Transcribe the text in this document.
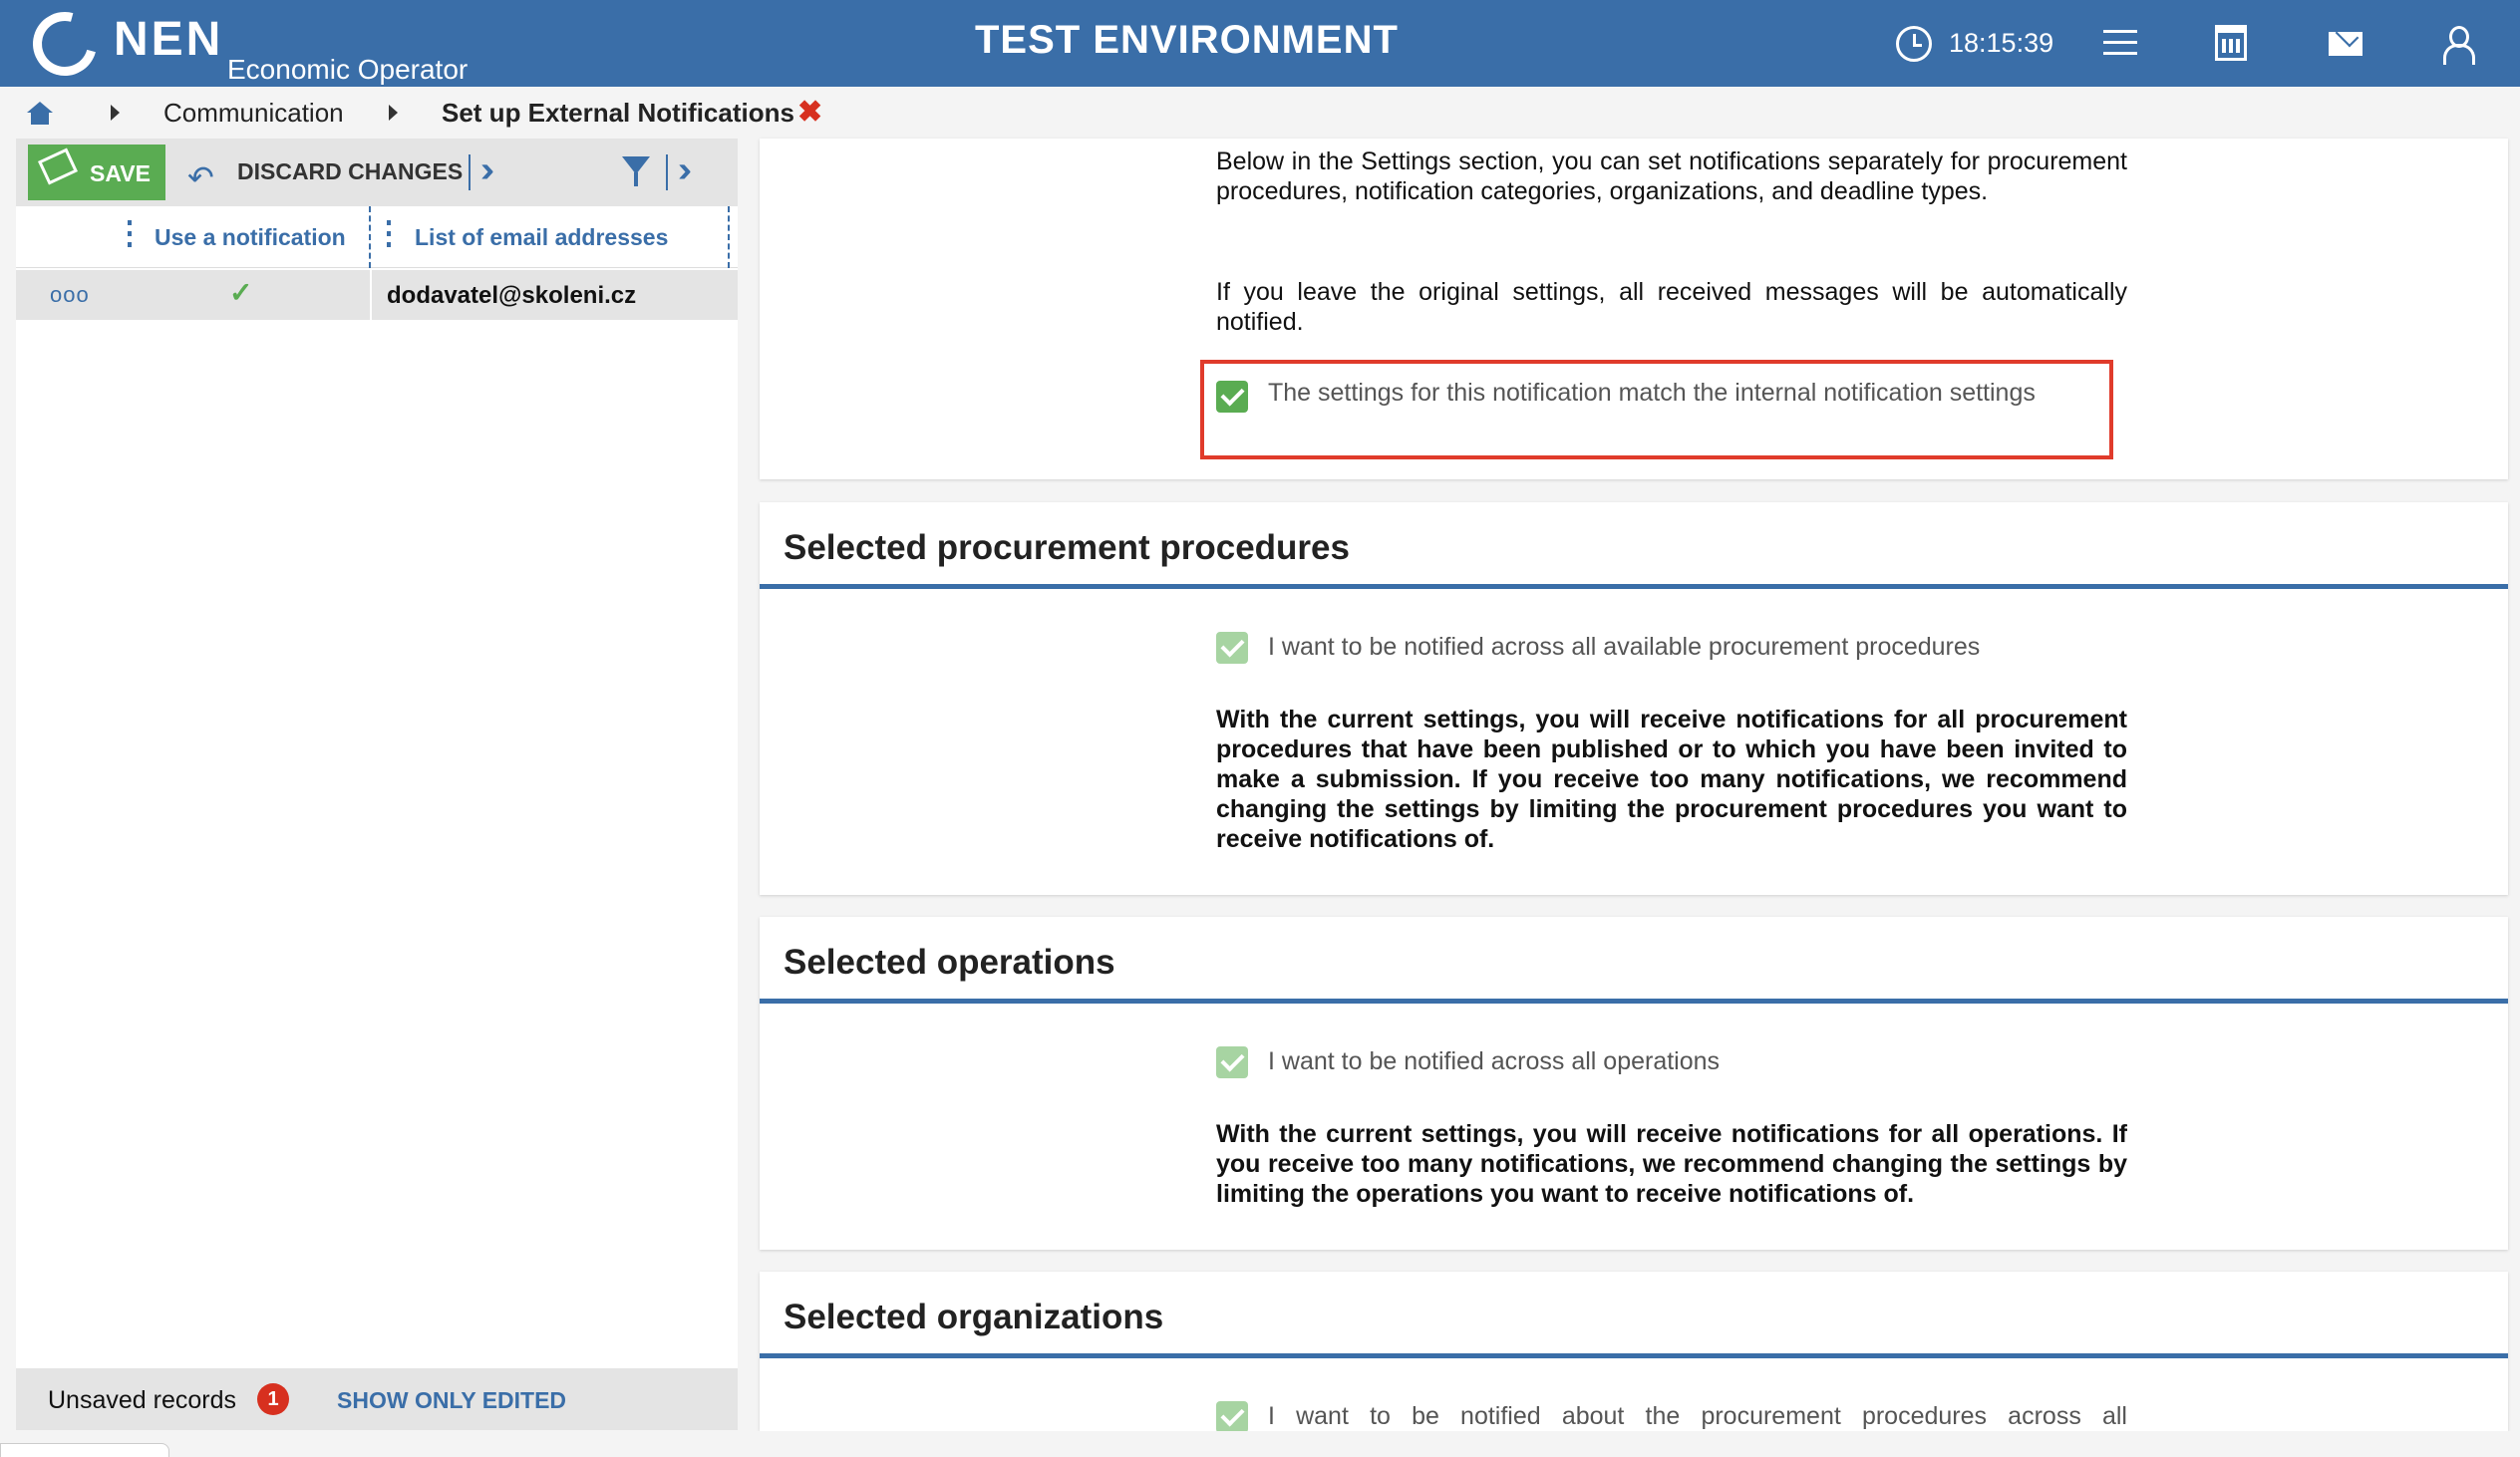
NEN
Economic Operator
TEST ENVIRONMENT	18:15:39
Communication	Set up External Notifications ✖
SAVE ↶ DISCARD CHANGES ››	››
Use a notification	List of email addresses
ooo	✓	dodavatel@skoleni.cz
Unsaved records	1	SHOW ONLY EDITED
Below in the Settings section, you can set notifications separately for procurement procedures, notification categories, organizations, and deadline types.
If you leave the original settings, all received messages will be automatically notified.
The settings for this notification match the internal notification settings
Selected procurement procedures
I want to be notified across all available procurement procedures
With the current settings, you will receive notifications for all procurement procedures that have been published or to which you have been invited to make a submission. If you receive too many notifications, we recommend changing the settings by limiting the procurement procedures you want to receive notifications of.
Selected operations
I want to be notified across all operations
With the current settings, you will receive notifications for all operations. If you receive too many notifications, we recommend changing the settings by limiting the operations you want to receive notifications of.
Selected organizations
I want to be notified about the procurement procedures across all
